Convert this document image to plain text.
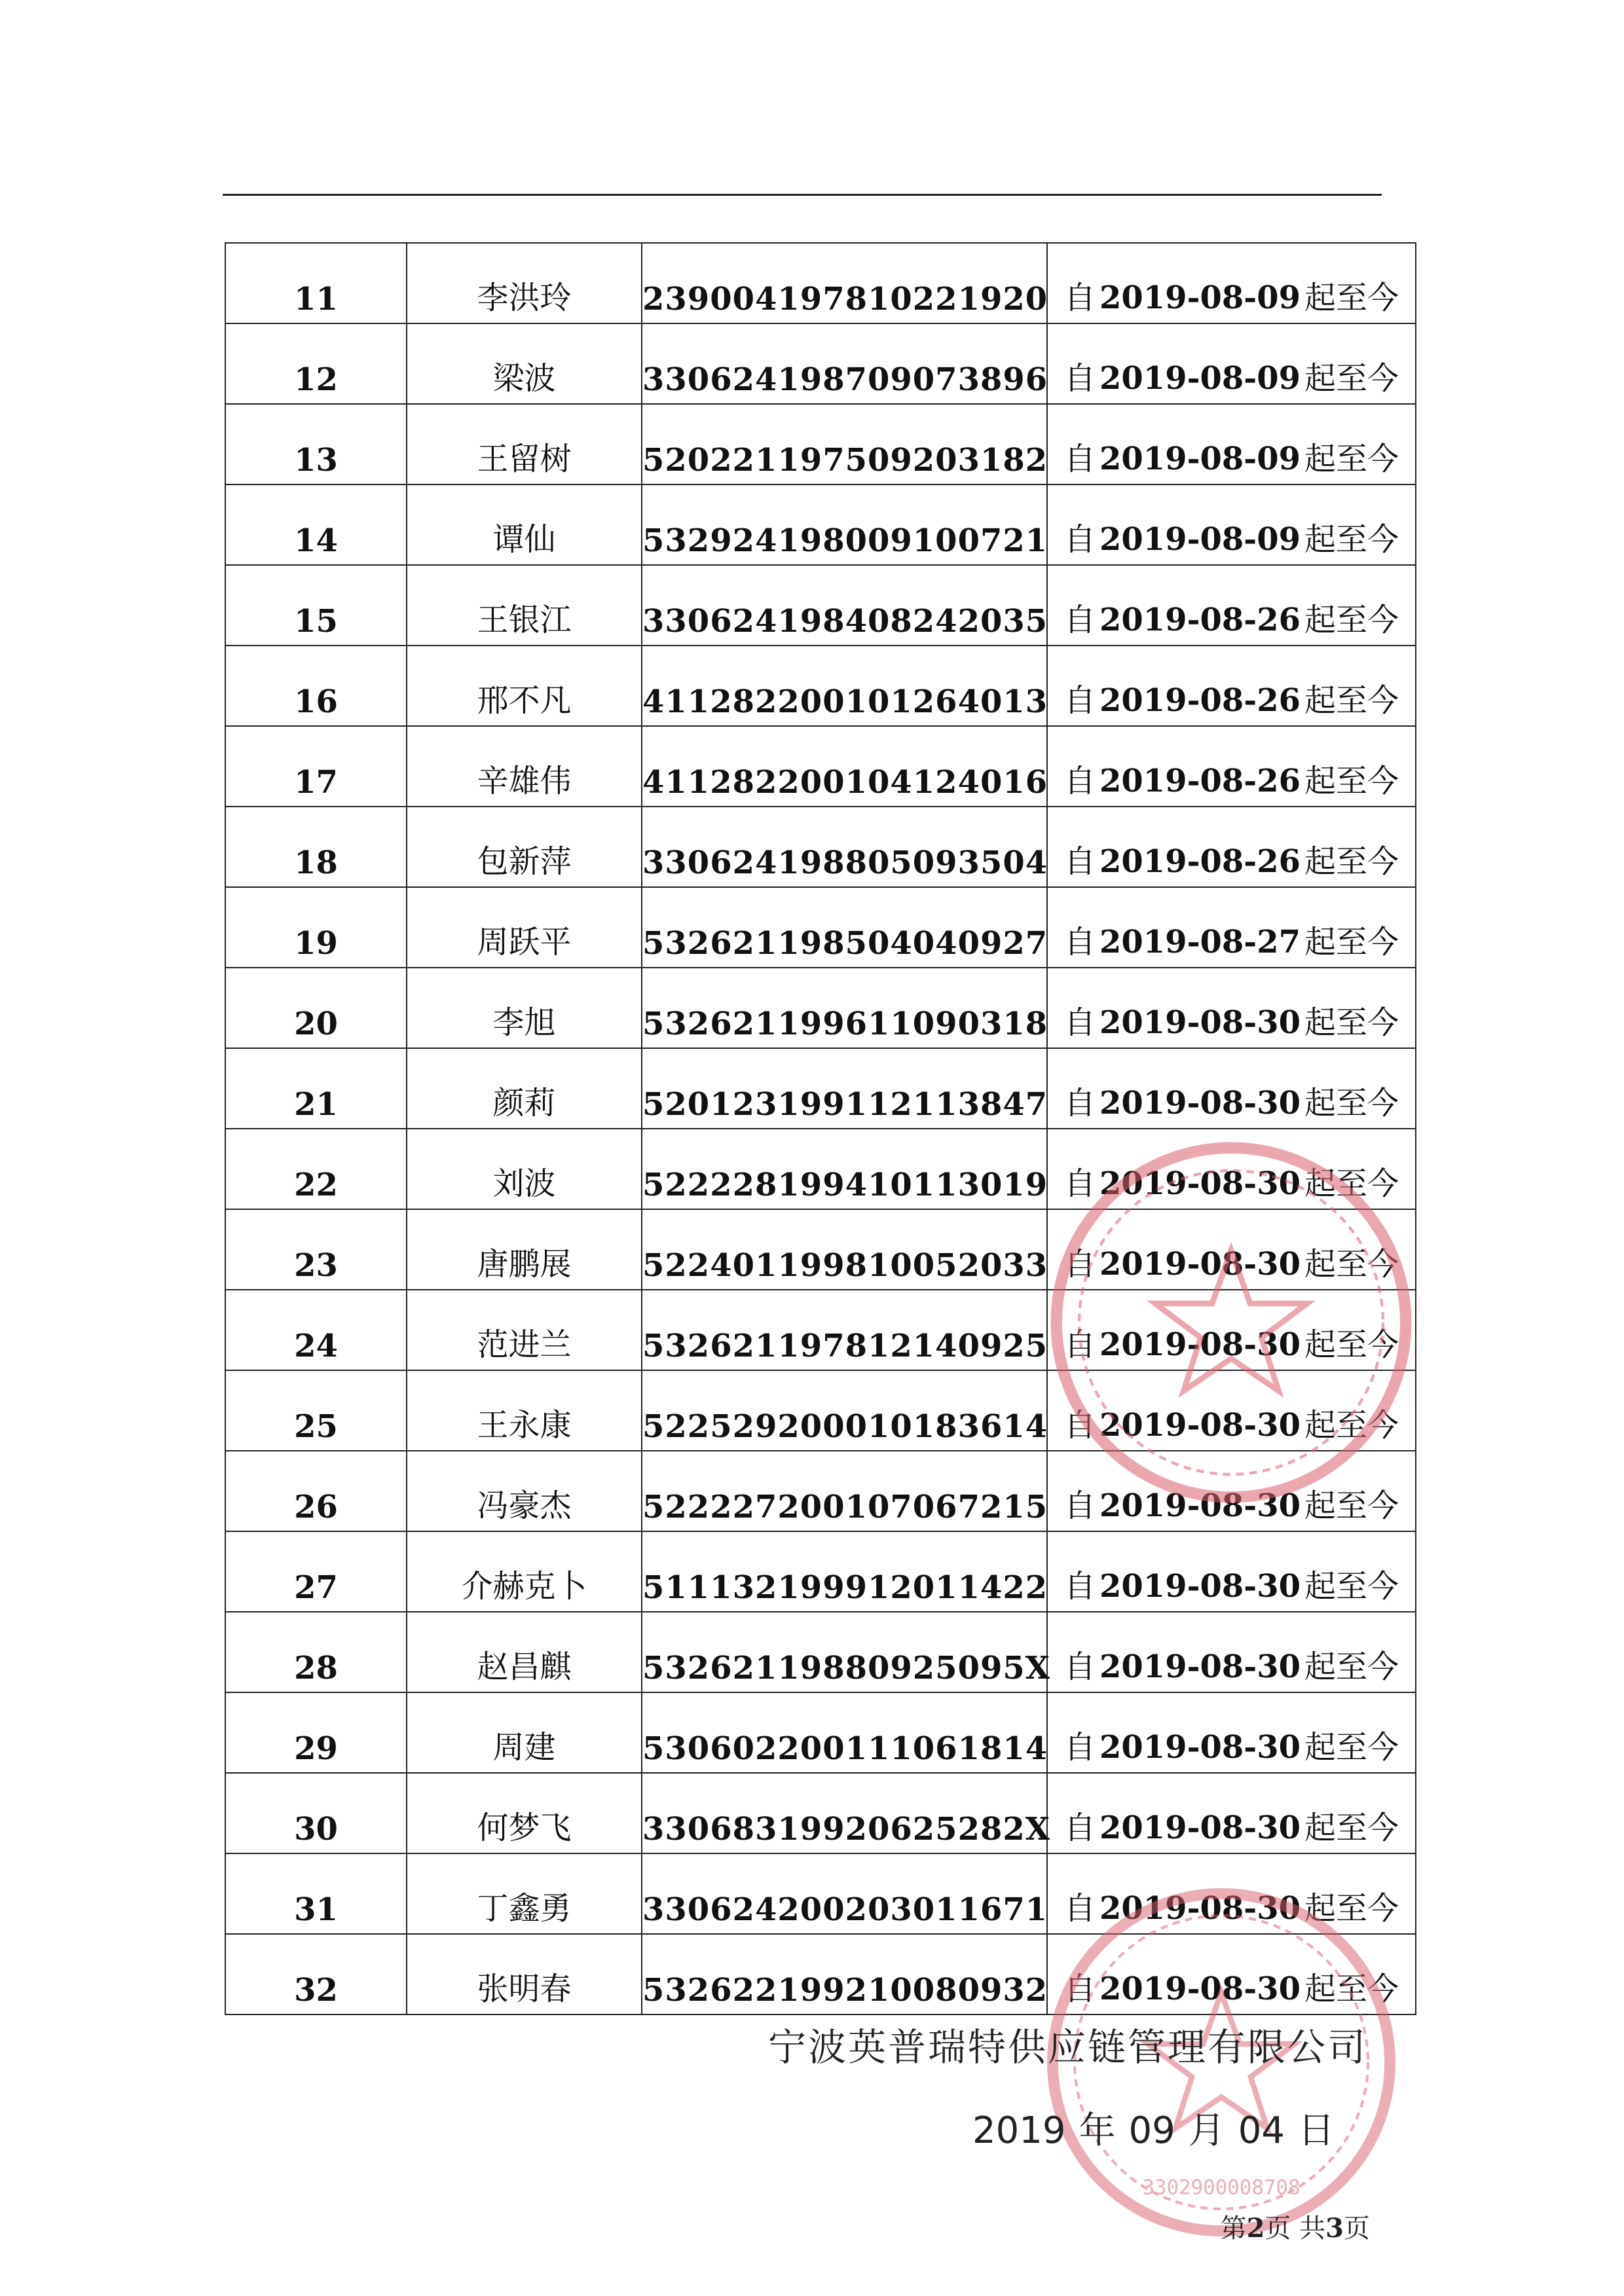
11	李洪玲	239004197810221920	自 2019-08-09 起至今
12	梁波	330624198709073896	自 2019-08-09 起至今
13	王留树	520221197509203182	自 2019-08-09 起至今
14	谭仙	532924198009100721	自 2019-08-09 起至今
15	王银江	330624198408242035	自 2019-08-26 起至今
16	邢不凡	411282200101264013	自 2019-08-26 起至今
17	辛雄伟	411282200104124016	自 2019-08-26 起至今
18	包新萍	330624198805093504	自 2019-08-26 起至今
19	周跃平	532621198504040927	自 2019-08-27 起至今
20	李旭	532621199611090318	自 2019-08-30 起至今
21	颜莉	520123199112113847	自 2019-08-30 起至今
22	刘波	522228199410113019	自 2019-08-30 起至今
23	唐鹏展	522401199810052033	自 2019-08-30 起至今
24	范进兰	532621197812140925	自 2019-08-30 起至今
25	王永康	522529200010183614	自 2019-08-30 起至今
26	冯豪杰	522227200107067215	自 2019-08-30 起至今
27	介赫克卜	511132199912011422	自 2019-08-30 起至今
28	赵昌麒	53262119880925095X	自 2019-08-30 起至今
29	周建	530602200111061814	自 2019-08-30 起至今
30	何梦飞	33068319920625282X	自 2019-08-30 起至今
31	丁鑫勇	330624200203011671	自 2019-08-30 起至今
32	张明春	532622199210080932	自 2019-08-30 起至今
3302900008708
宁波英普瑞特供应链管理有限公司
2019 年 09 月 04 日
第2页 共3页
